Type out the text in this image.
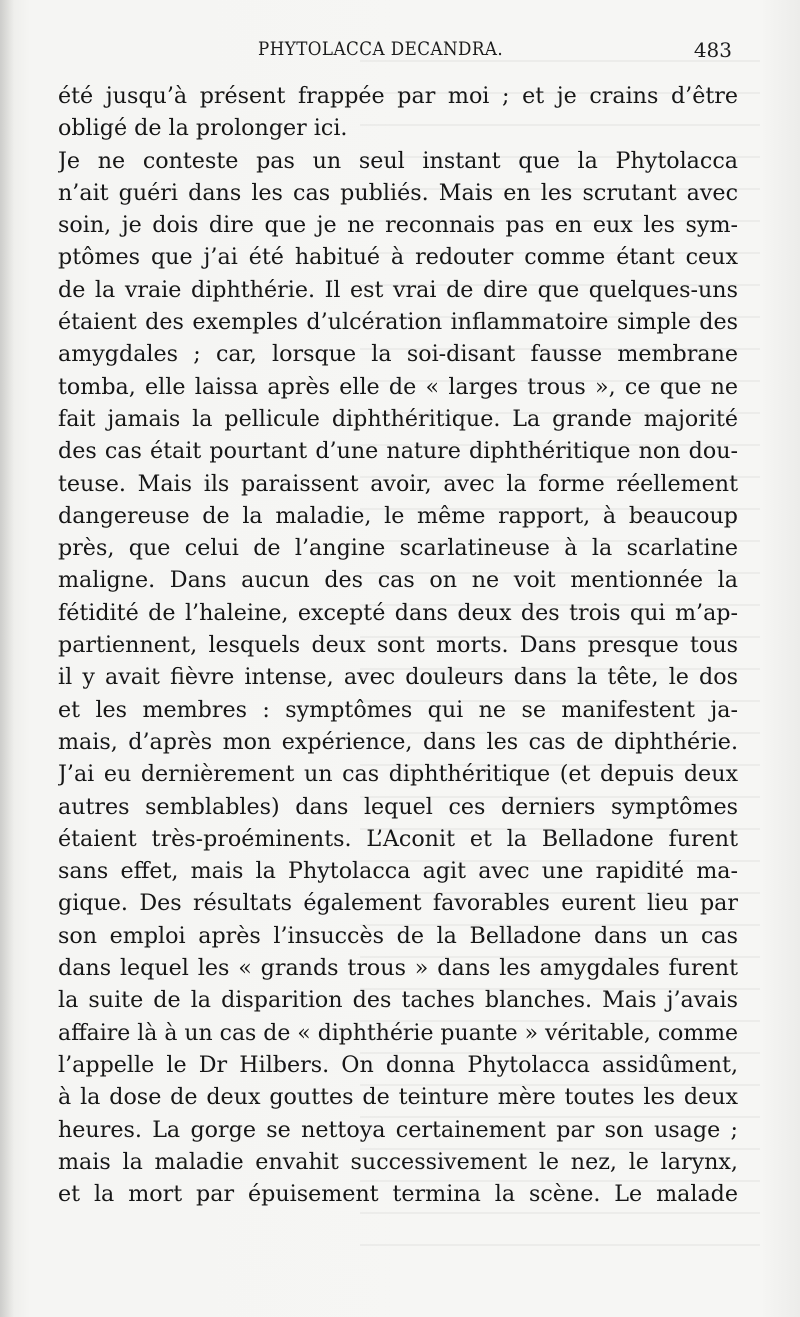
PHYTOLACCA DECANDRA.	483
été jusqu’à présent frappée par moi ; et je crains d’être
obligé de la prolonger ici.
Je ne conteste pas un seul instant que la Phytolacca
n’ait guéri dans les cas publiés. Mais en les scrutant avec
soin, je dois dire que je ne reconnais pas en eux les sym-
ptômes que j’ai été habitué à redouter comme étant ceux
de la vraie diphthérie. Il est vrai de dire que quelques-uns
étaient des exemples d’ulcération inflammatoire simple des
amygdales ; car, lorsque la soi-disant fausse membrane
tomba, elle laissa après elle de « larges trous », ce que ne
fait jamais la pellicule diphthéritique. La grande majorité
des cas était pourtant d’une nature diphthéritique non dou-
teuse. Mais ils paraissent avoir, avec la forme réellement
dangereuse de la maladie, le même rapport, à beaucoup
près, que celui de l’angine scarlatineuse à la scarlatine
maligne. Dans aucun des cas on ne voit mentionnée la
fétidité de l’haleine, excepté dans deux des trois qui m’ap-
partiennent, lesquels deux sont morts. Dans presque tous
il y avait fièvre intense, avec douleurs dans la tête, le dos
et les membres : symptômes qui ne se manifestent ja-
mais, d’après mon expérience, dans les cas de diphthérie.
J’ai eu dernièrement un cas diphthéritique (et depuis deux
autres semblables) dans lequel ces derniers symptômes
étaient très-proéminents. L’Aconit et la Belladone furent
sans effet, mais la Phytolacca agit avec une rapidité ma-
gique. Des résultats également favorables eurent lieu par
son emploi après l’insuccès de la Belladone dans un cas
dans lequel les « grands trous » dans les amygdales furent
la suite de la disparition des taches blanches. Mais j’avais
affaire là à un cas de « diphthérie puante » véritable, comme
l’appelle le Dr Hilbers. On donna Phytolacca assidûment,
à la dose de deux gouttes de teinture mère toutes les deux
heures. La gorge se nettoya certainement par son usage ;
mais la maladie envahit successivement le nez, le larynx,
et la mort par épuisement termina la scène. Le malade
